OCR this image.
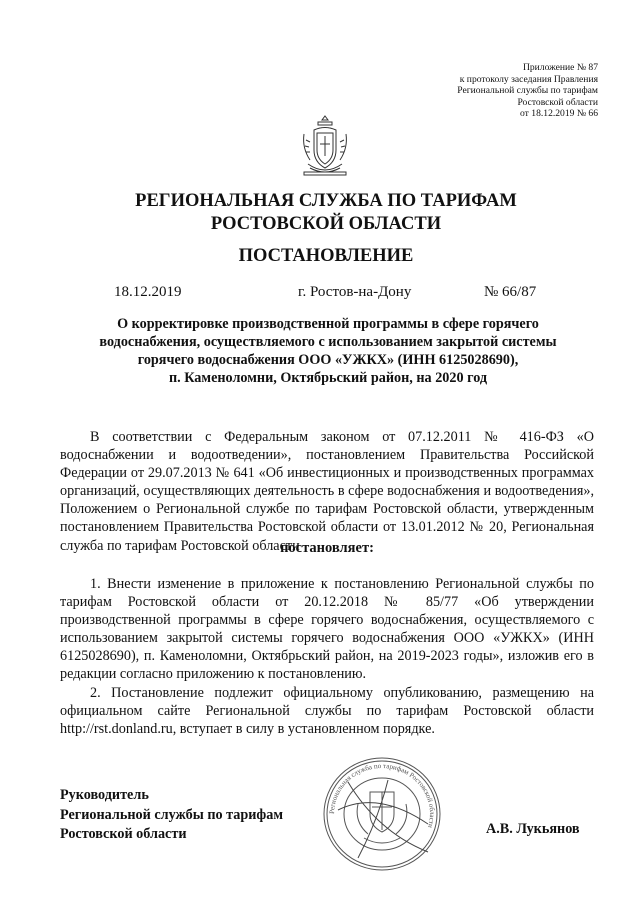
Приложение № 87
к протоколу заседания Правления
Региональной службы по тарифам
Ростовской области
от 18.12.2019 № 66
РЕГИОНАЛЬНАЯ СЛУЖБА ПО ТАРИФАМ
РОСТОВСКОЙ ОБЛАСТИ
ПОСТАНОВЛЕНИЕ
18.12.2019	г. Ростов-на-Дону	№ 66/87
О корректировке производственной программы в сфере горячего
водоснабжения, осуществляемого с использованием закрытой системы
горячего водоснабжения ООО «УЖКХ» (ИНН 6125028690),
п. Каменоломни, Октябрьский район, на 2020 год

В соответствии с Федеральным законом от 07.12.2011 № 416-ФЗ «О водоснабжении и водоотведении», постановлением Правительства Российской Федерации от 29.07.2013 № 641 «Об инвестиционных и производственных программах организаций, осуществляющих деятельность в сфере водоснабжения и водоотведения», Положением о Региональной службе по тарифам Ростовской области, утвержденным постановлением Правительства Ростовской области от 13.01.2012 № 20, Региональная служба по тарифам Ростовской области

постановляет:

1. Внести изменение в приложение к постановлению Региональной службы по тарифам Ростовской области от 20.12.2018 № 85/77 «Об утверждении производственной программы в сфере горячего водоснабжения, осуществляемого с использованием закрытой системы горячего водоснабжения ООО «УЖКХ» (ИНН 6125028690), п. Каменоломни, Октябрьский район, на 2019-2023 годы», изложив его в редакции согласно приложению к постановлению.

2. Постановление подлежит официальному опубликованию, размещению на официальном сайте Региональной службы по тарифам Ростовской области http://rst.donland.ru, вступает в силу в установленном порядке.

Руководитель
Региональной службы по тарифам
Ростовской области
Региональная служба по тарифам Ростовской области	А.В. Лукьянов
